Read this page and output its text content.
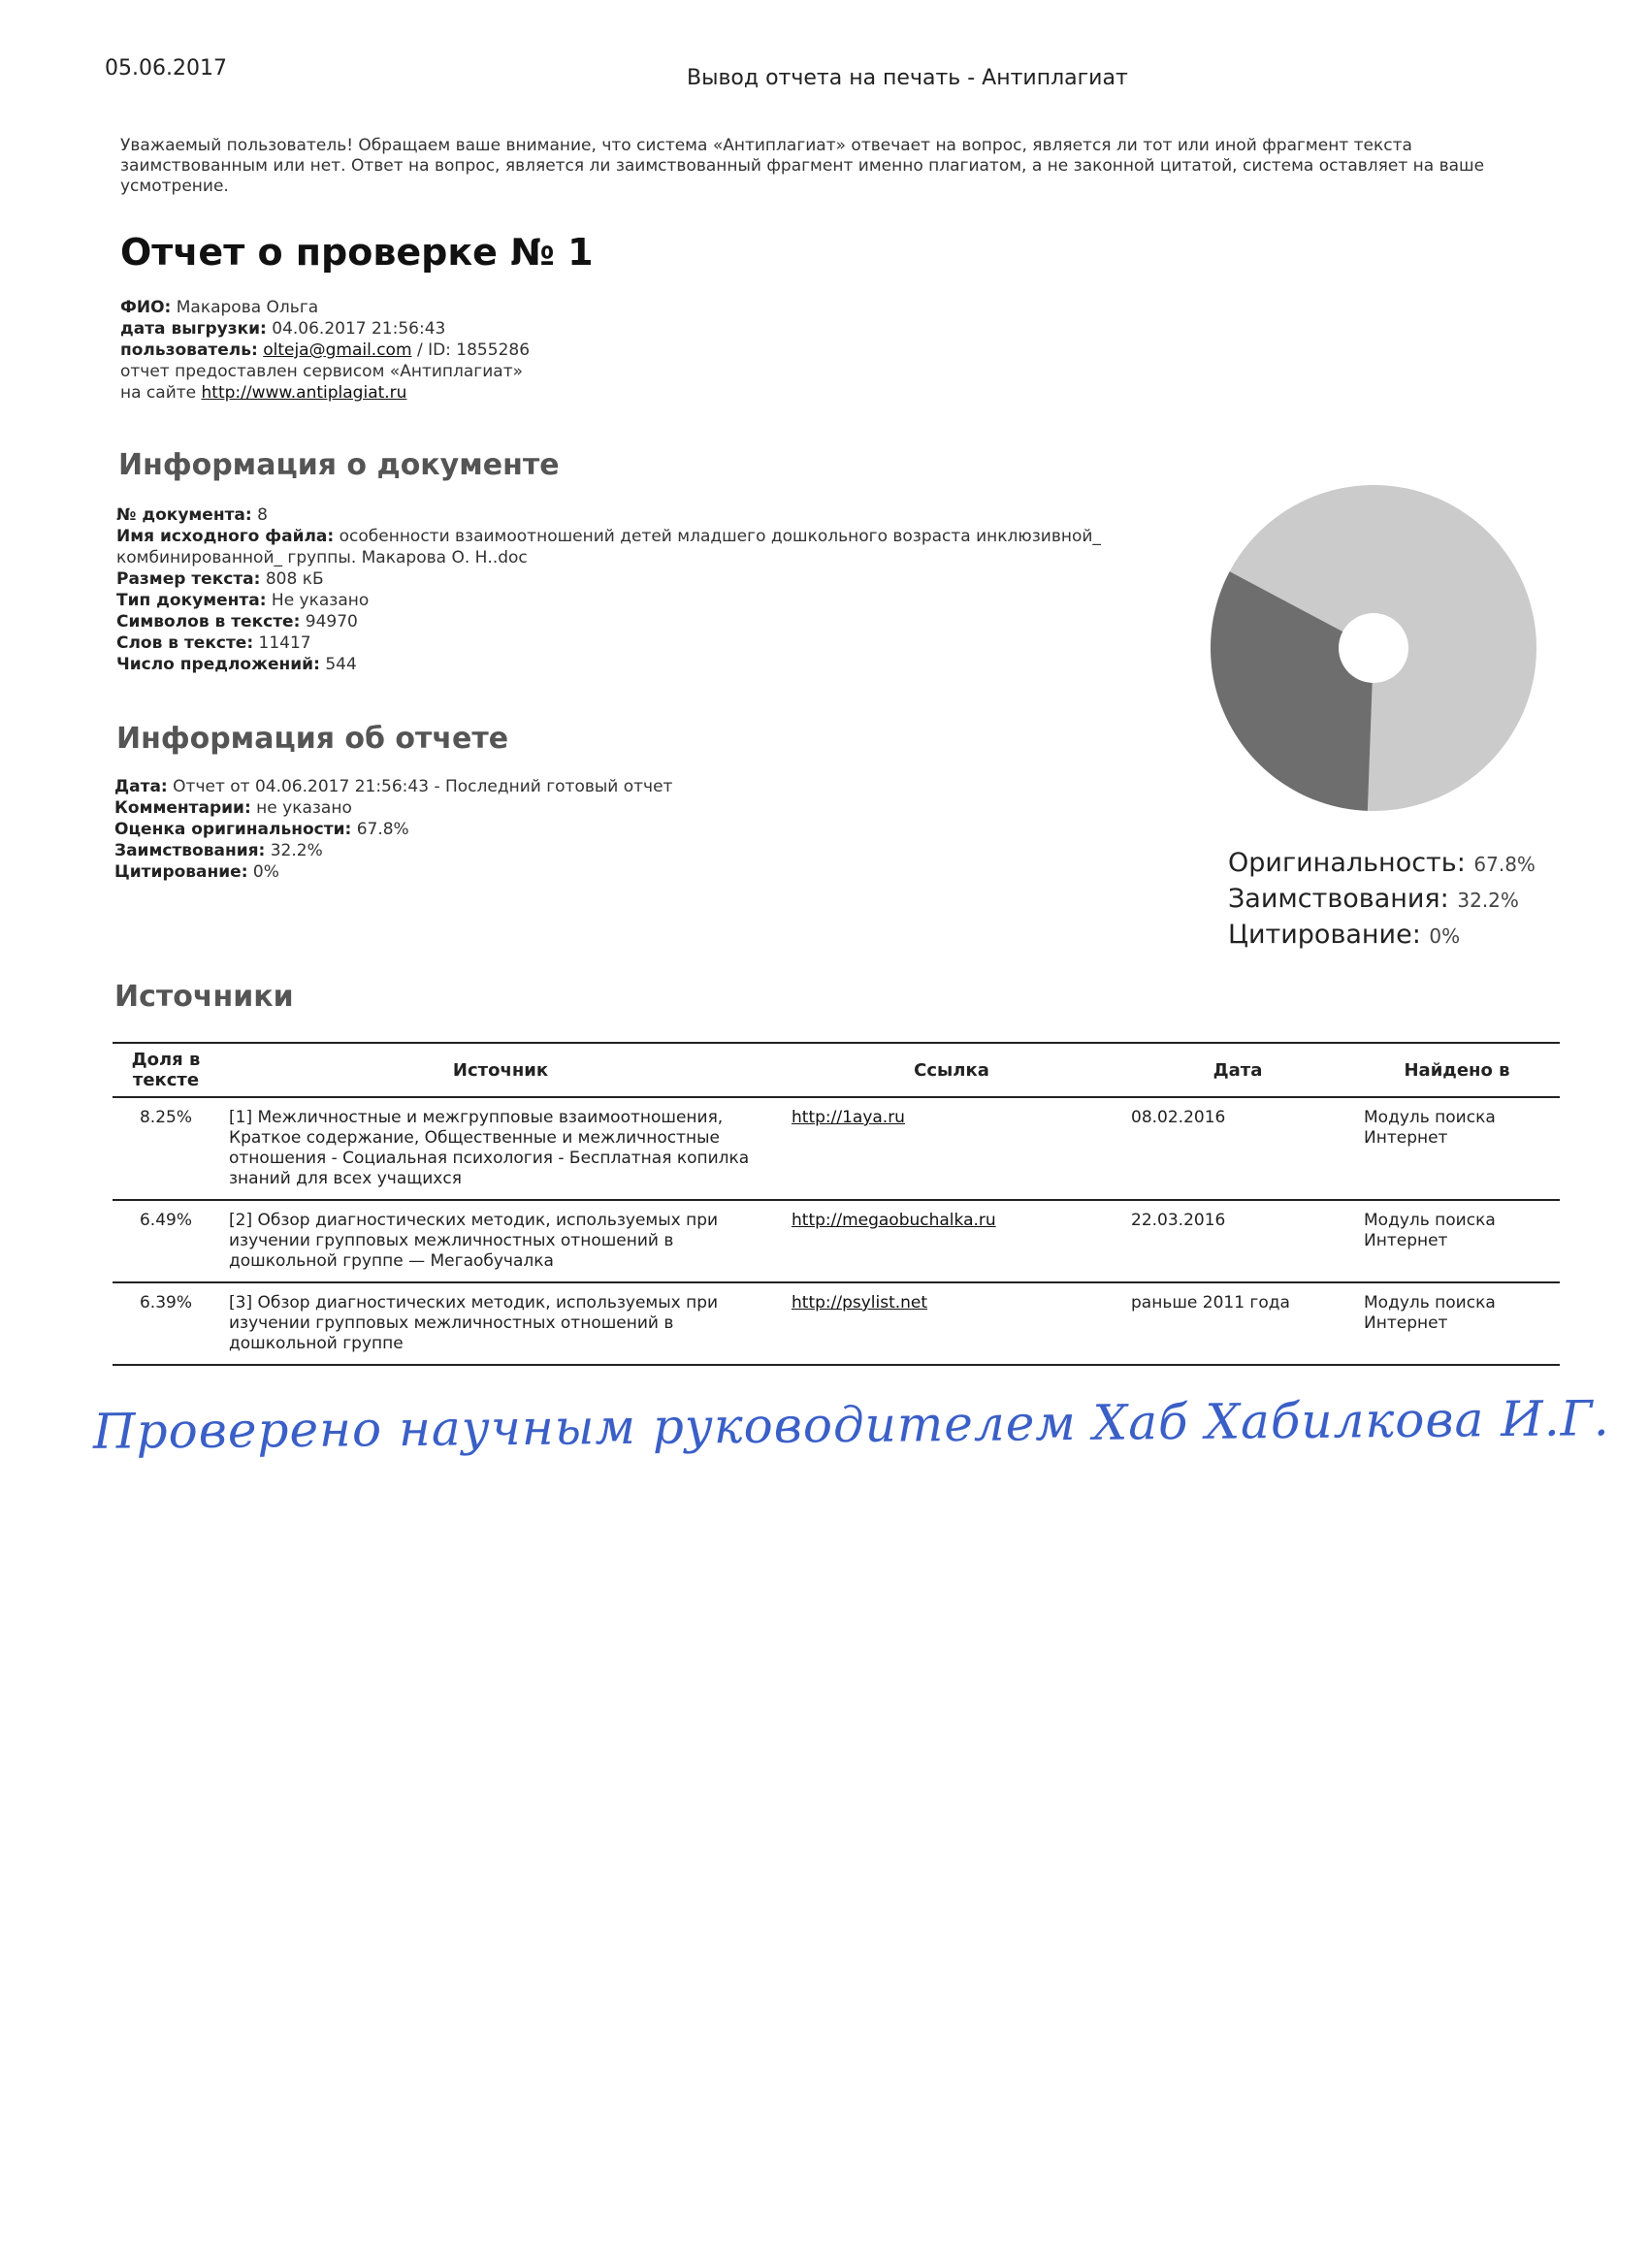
05.06.2017	Вывод отчета на печать - Антиплагиат
Уважаемый пользователь! Обращаем ваше внимание, что система «Антиплагиат» отвечает на вопрос, является ли тот или иной фрагмент текста заимствованным или нет. Ответ на вопрос, является ли заимствованный фрагмент именно плагиатом, а не законной цитатой, система оставляет на ваше усмотрение.
Отчет о проверке № 1
ФИО: Макарова Ольга
дата выгрузки: 04.06.2017 21:56:43
пользователь: olteja@gmail.com / ID: 1855286
отчет предоставлен сервисом «Антиплагиат»
на сайте http://www.antiplagiat.ru
Информация о документе
№ документа: 8
Имя исходного файла: особенности взаимоотношений детей младшего дошкольного возраста инклюзивной_ комбинированной_ группы. Макарова О. Н..doc
Размер текста: 808 кБ
Тип документа: Не указано
Символов в тексте: 94970
Слов в тексте: 11417
Число предложений: 544
Информация об отчете
Дата: Отчет от 04.06.2017 21:56:43 - Последний готовый отчет
Комментарии: не указано
Оценка оригинальности: 67.8%
Заимствования: 32.2%
Цитирование: 0%	Оригинальность: 67.8%
Заимствования: 32.2%
Цитирование: 0%
Источники
Доля в тексте	Источник	Ссылка	Дата	Найдено в
8.25%	[1] Межличностные и межгрупповые взаимоотношения, Краткое содержание, Общественные и межличностные отношения - Социальная психология - Бесплатная копилка знаний для всех учащихся	http://1aya.ru	08.02.2016	Модуль поиска Интернет
6.49%	[2] Обзор диагностических методик, используемых при изучении групповых межличностных отношений в дошкольной группе — Мегаобучалка	http://megaobuchalka.ru	22.03.2016	Модуль поиска Интернет
6.39%	[3] Обзор диагностических методик, используемых при изучении групповых межличностных отношений в дошкольной группе	http://psylist.net	раньше 2011 года	Модуль поиска Интернет
Проверено научным руководителем Хаб Хабилкова И.Г.
